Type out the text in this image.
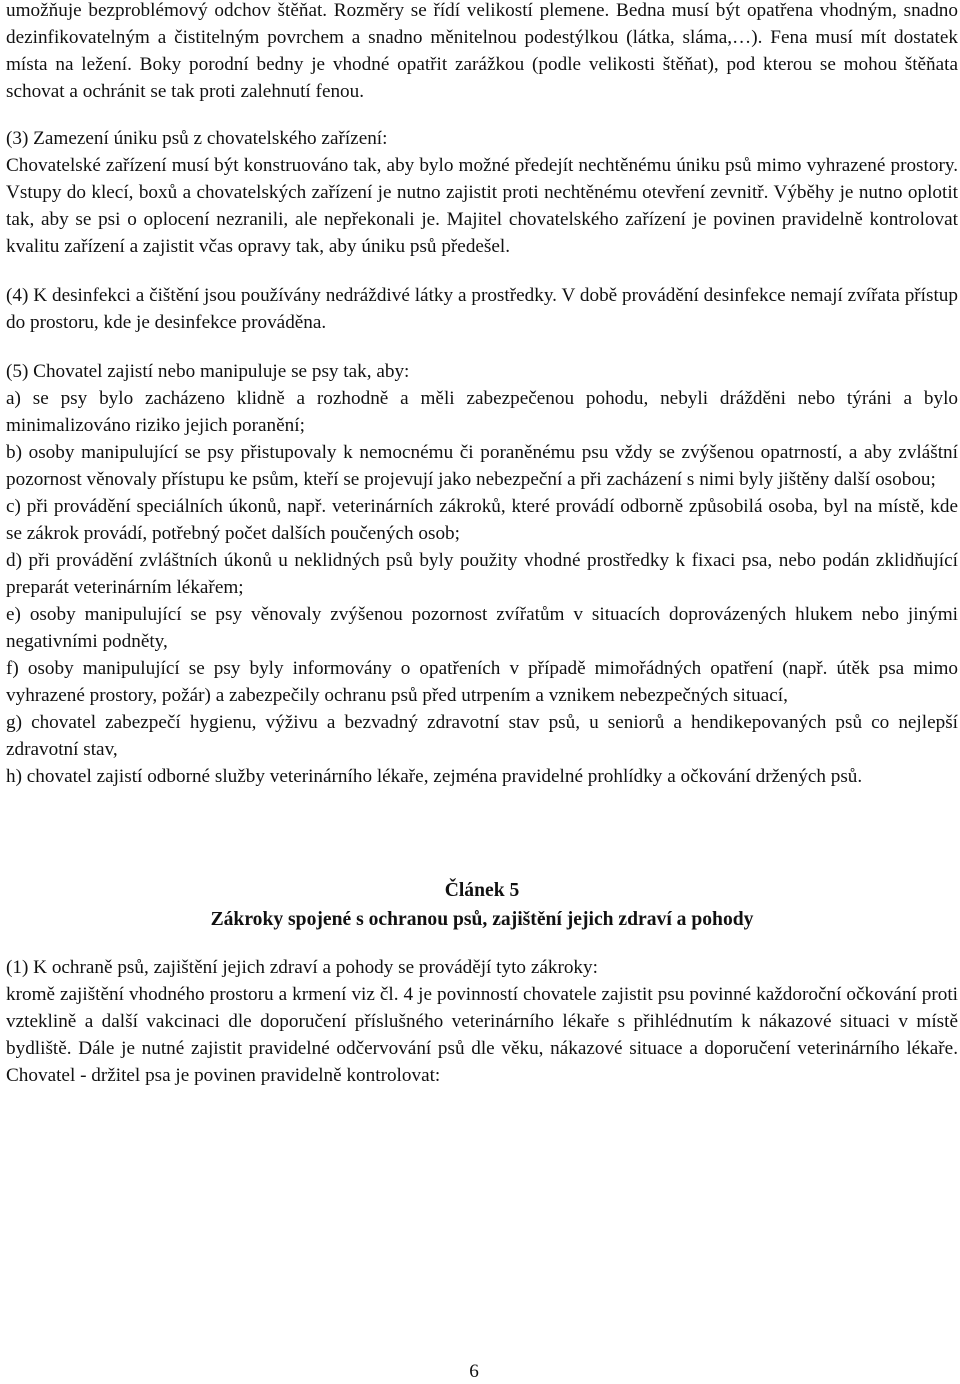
umožňuje bezproblémový odchov štěňat. Rozměry se řídí velikostí plemene. Bedna musí být opatřena vhodným, snadno dezinfikovatelným a čistitelným povrchem a snadno měnitelnou podestýlkou (látka, sláma,…). Fena musí mít dostatek místa na ležení. Boky porodní bedny je vhodné opatřit zarážkou (podle velikosti štěňat), pod kterou se mohou štěňata schovat a ochránit se tak proti zalehnutí fenou.

(3) Zamezení úniku psů z chovatelského zařízení:

Chovatelské zařízení musí být konstruováno tak, aby bylo možné předejít nechtěnému úniku psů mimo vyhrazené prostory. Vstupy do klecí, boxů a chovatelských zařízení je nutno zajistit proti nechtěnému otevření zevnitř. Výběhy je nutno oplotit tak, aby se psi o oplocení nezranili, ale nepřekonali je. Majitel chovatelského zařízení je povinen pravidelně kontrolovat kvalitu zařízení a zajistit včas opravy tak, aby úniku psů předešel.

(4) K desinfekci a čištění jsou používány nedráždivé látky a prostředky. V době provádění desinfekce nemají zvířata přístup do prostoru, kde je desinfekce prováděna.

(5) Chovatel zajistí nebo manipuluje se psy tak, aby:

a) se psy bylo zacházeno klidně a rozhodně a měli zabezpečenou pohodu, nebyli drážděni nebo týráni a bylo minimalizováno riziko jejich poranění;

b) osoby manipulující se psy přistupovaly k nemocnému či poraněnému psu vždy se zvýšenou opatrností, a aby zvláštní pozornost věnovaly přístupu ke psům, kteří se projevují jako nebezpeční a při zacházení s nimi byly jištěny další osobou;

c) při provádění speciálních úkonů, např. veterinárních zákroků, které provádí odborně způsobilá osoba, byl na místě, kde se zákrok provádí, potřebný počet dalších poučených osob;

d) při provádění zvláštních úkonů u neklidných psů byly použity vhodné prostředky k fixaci psa, nebo podán zklidňující preparát veterinárním lékařem;

e) osoby manipulující se psy věnovaly zvýšenou pozornost zvířatům v situacích doprovázených hlukem nebo jinými negativními podněty,

f) osoby manipulující se psy byly informovány o opatřeních v případě mimořádných opatření (např. útěk psa mimo vyhrazené prostory, požár) a zabezpečily ochranu psů před utrpením a vznikem nebezpečných situací,

g) chovatel zabezpečí hygienu, výživu a bezvadný zdravotní stav psů, u seniorů a hendikepovaných psů co nejlepší zdravotní stav,

h) chovatel zajistí odborné služby veterinárního lékaře, zejména pravidelné prohlídky a očkování držených psů.

Článek 5

Zákroky spojené s ochranou psů, zajištění jejich zdraví a pohody

(1) K ochraně psů, zajištění jejich zdraví a pohody se provádějí tyto zákroky:

kromě zajištění vhodného prostoru a krmení viz čl. 4 je povinností chovatele zajistit psu povinné každoroční očkování proti vzteklině a další vakcinaci dle doporučení příslušného veterinárního lékaře s přihlédnutím k nákazové situaci v místě bydliště. Dále je nutné zajistit pravidelné odčervování psů dle věku, nákazové situace a doporučení veterinárního lékaře. Chovatel - držitel psa je povinen pravidelně kontrolovat:

6
